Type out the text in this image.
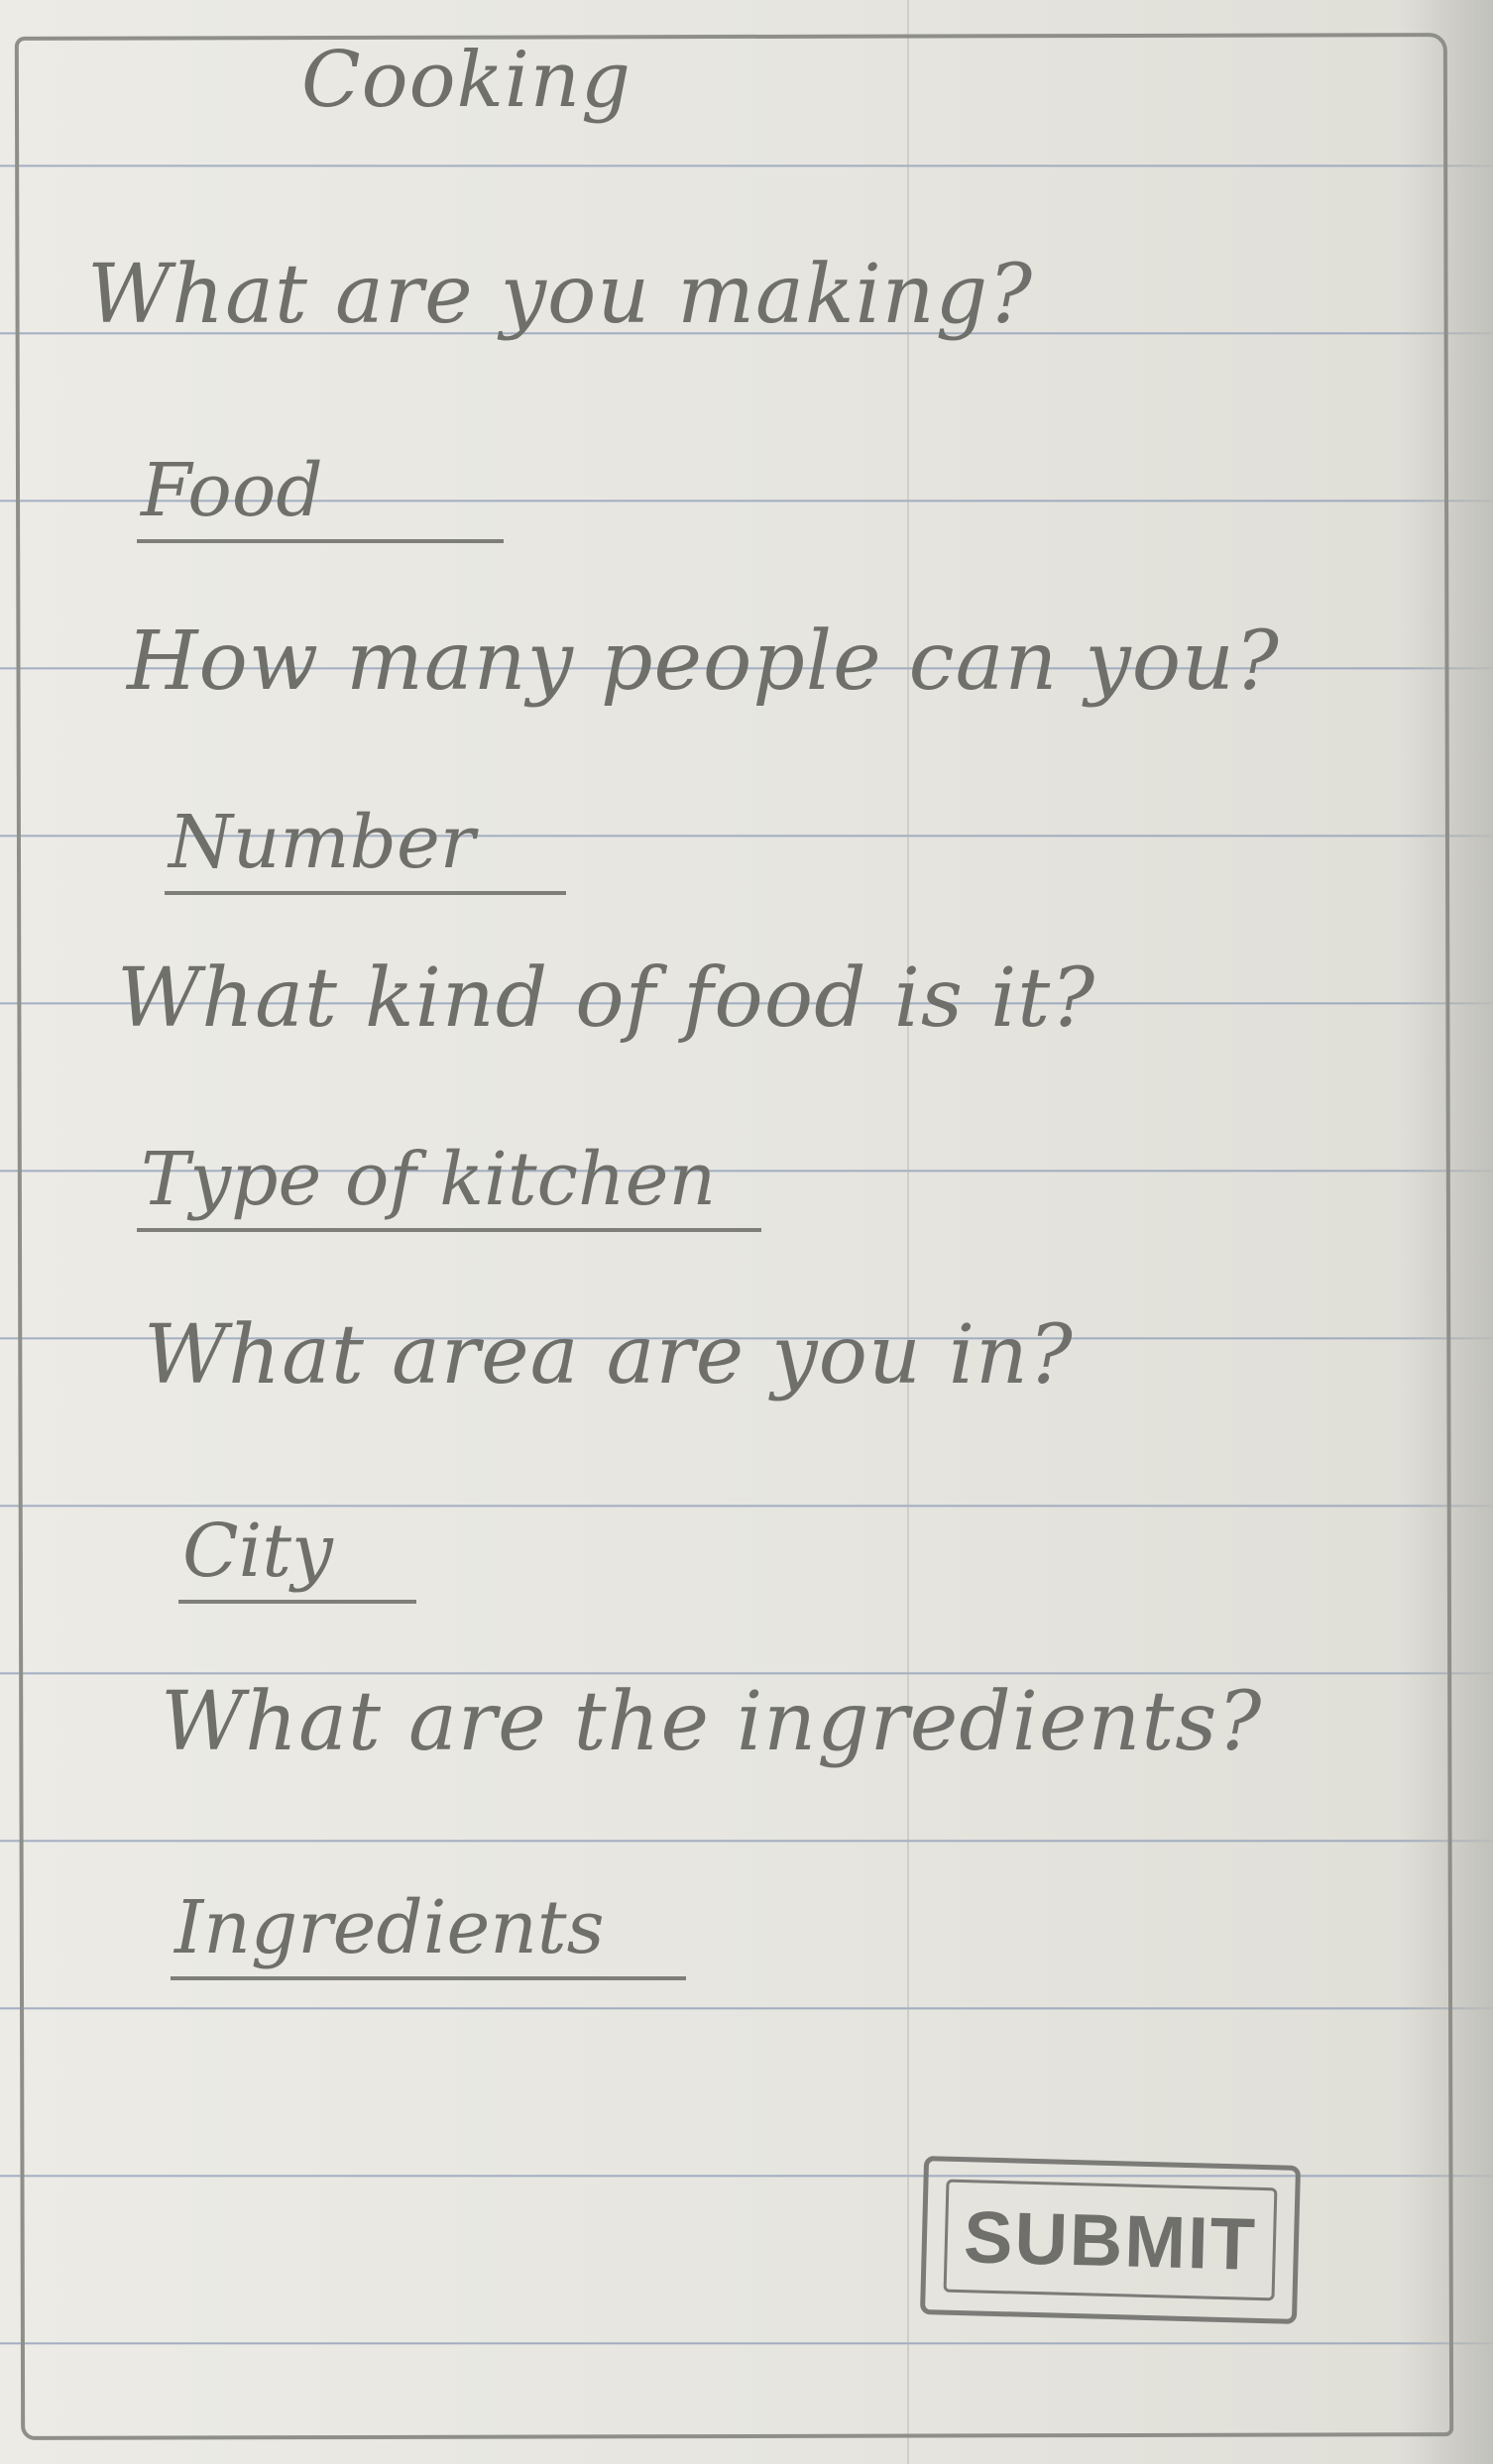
Cooking
What are you making?
Food
How many people can you?
Number
What kind of food is it?
Type of kitchen
What area are you in?
City
What are the ingredients?
Ingredients
SUBMIT
